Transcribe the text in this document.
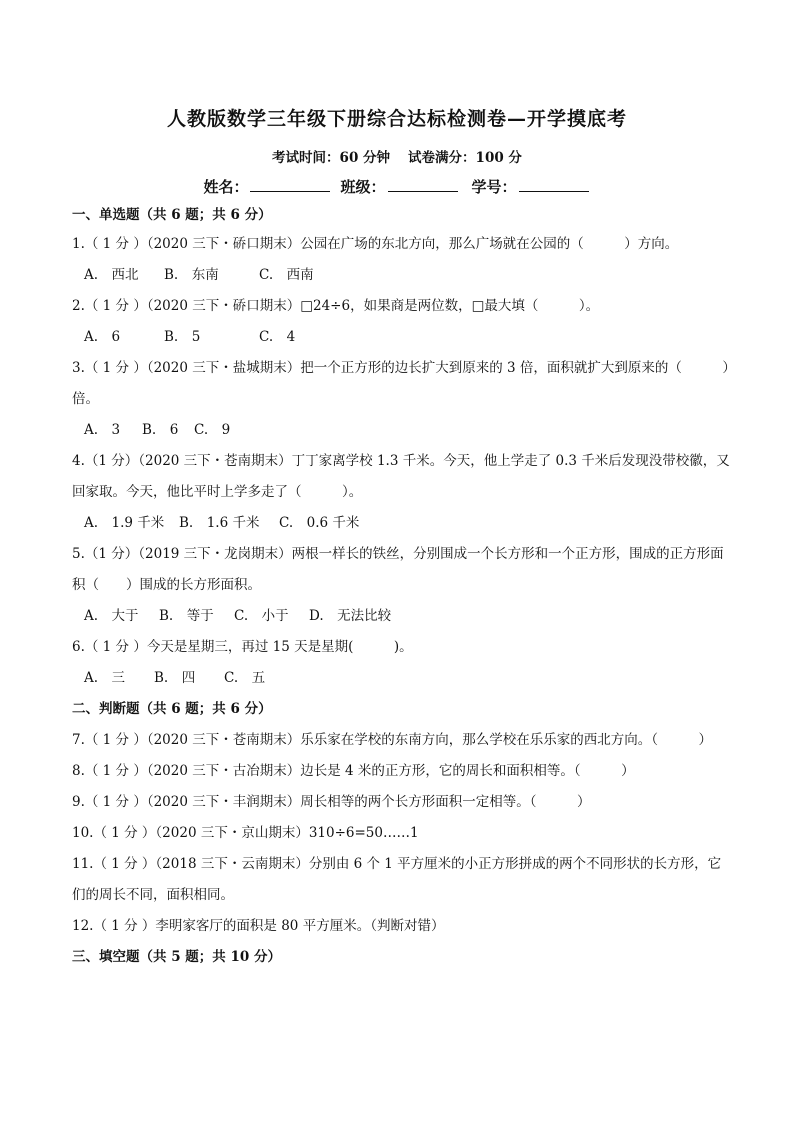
人教版数学三年级下册综合达标检测卷—开学摸底考
考试时间：60 分钟 试卷满分：100 分
姓名：	班级：	学号：
一、单选题（共 6 题；共 6 分）
1.（ 1 分 ）（2020 三下・硚口期末）公园在广场的东北方向，那么广场就在公园的（　　　）方向。
A.　西北 B.　东南	C.　西南
2.（ 1 分 ）（2020 三下・硚口期末）□24÷6，如果商是两位数，□最大填（　　　）。
A.　6	B.　5	C.　4
3.（ 1 分 ）（2020 三下・盐城期末）把一个正方形的边长扩大到原来的 3 倍，面积就扩大到原来的（　　　）倍。
A.　3 B.　6 C.　9
4.（1 分）（2020 三下・苍南期末）丁丁家离学校 1.3 千米。今天，他上学走了 0.3 千米后发现没带校徽，又回家取。今天，他比平时上学多走了（　　　）。
A.　1.9 千米 B.　1.6 千米 C.　0.6 千米
5.（1 分）（2019 三下・龙岗期末）两根一样长的铁丝，分别围成一个长方形和一个正方形，围成的正方形面积（　　）围成的长方形面积。
A.　大于 B.　等于 C.　小于 D.　无法比较
6.（ 1 分 ）今天是星期三，再过 15 天是星期(　　　)。
A.　三 B.　四 C.　五
二、判断题（共 6 题；共 6 分）
7.（ 1 分 ）（2020 三下・苍南期末）乐乐家在学校的东南方向，那么学校在乐乐家的西北方向。（　　　）
8.（ 1 分 ）（2020 三下・古冶期末）边长是 4 米的正方形，它的周长和面积相等。（　　　）
9.（ 1 分 ）（2020 三下・丰润期末）周长相等的两个长方形面积一定相等。（　　　）
10.（ 1 分 ）（2020 三下・京山期末）310÷6=50……1
11.（ 1 分 ）（2018 三下・云南期末）分别由 6 个 1 平方厘米的小正方形拼成的两个不同形状的长方形，它们的周长不同，面积相同。
12.（ 1 分 ）李明家客厅的面积是 80 平方厘米。（判断对错）
三、填空题（共 5 题；共 10 分）
